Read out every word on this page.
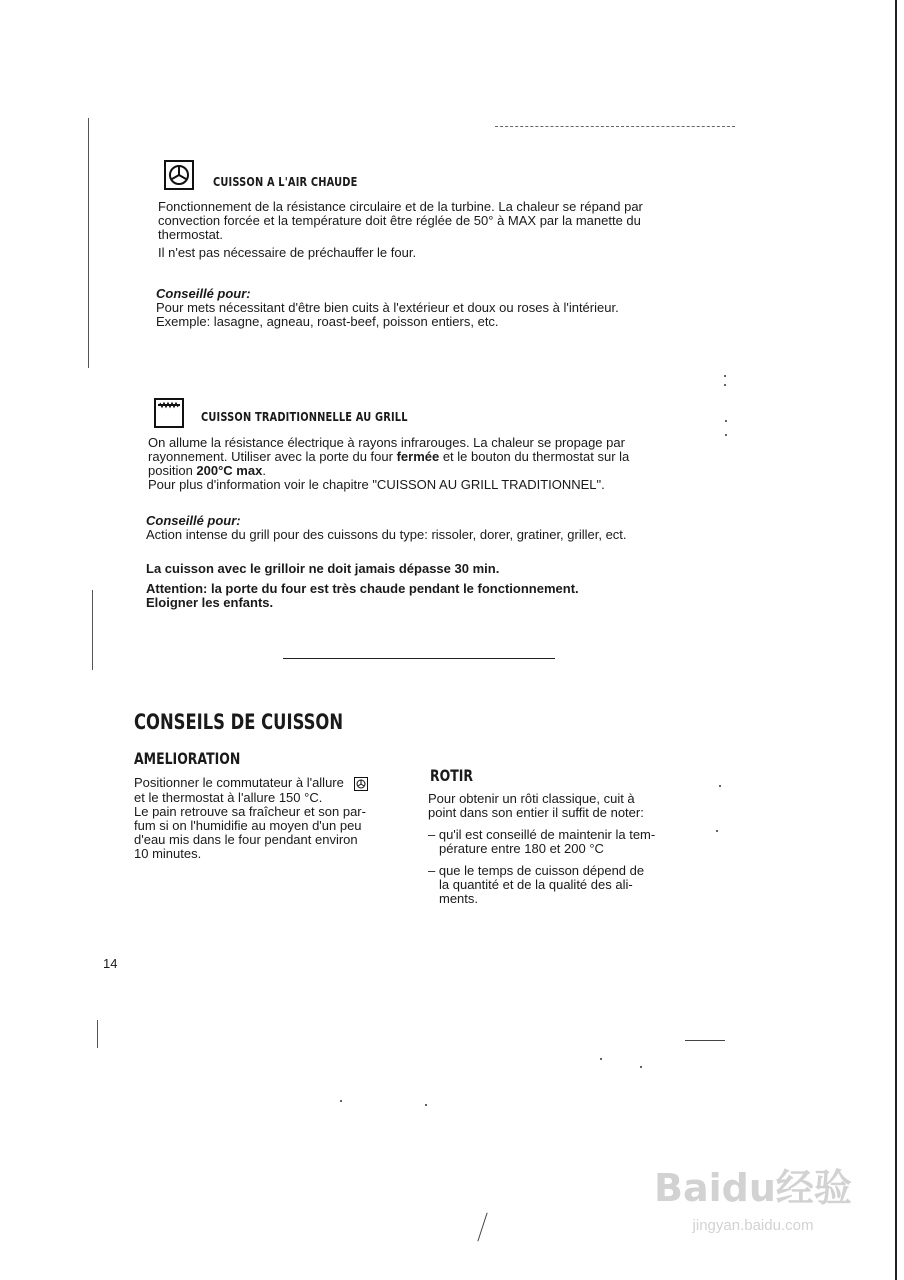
CUISSON A L'AIR CHAUDE

Fonctionnement de la résistance circulaire et de la turbine. La chaleur se répand par

convection forcée et la température doit être réglée de 50° à MAX par la manette du

thermostat.

Il n'est pas nécessaire de préchauffer le four.

Conseillé pour:

Pour mets nécessitant d'être bien cuits à l'extérieur et doux ou roses à l'intérieur.

Exemple: lasagne, agneau, roast-beef, poisson entiers, etc.

CUISSON TRADITIONNELLE AU GRILL

On allume la résistance électrique à rayons infrarouges. La chaleur se propage par

rayonnement. Utiliser avec la porte du four fermée et le bouton du thermostat sur la

position 200°C max.

Pour plus d'information voir le chapitre "CUISSON AU GRILL TRADITIONNEL".

Conseillé pour:

Action intense du grill pour des cuissons du type: rissoler, dorer, gratiner, griller, ect.

La cuisson avec le grilloir ne doit jamais dépasse 30 min.

Attention: la porte du four est très chaude pendant le fonctionnement.

Eloigner les enfants.

CONSEILS DE CUISSON
AMELIORATION

Positionner le commutateur à l'allure

et le thermostat à l'allure 150 °C.

Le pain retrouve sa fraîcheur et son par-

fum si on l'humidifie au moyen d'un peu

d'eau mis dans le four pendant environ

10 minutes.

ROTIR

Pour obtenir un rôti classique, cuit à

point dans son entier il suffit de noter:

– qu'il est conseillé de maintenir la tem-

pérature entre 180 et 200 °C

– que le temps de cuisson dépend de

la quantité et de la qualité des ali-

ments.

14
Baidu经验
jingyan.baidu.com
